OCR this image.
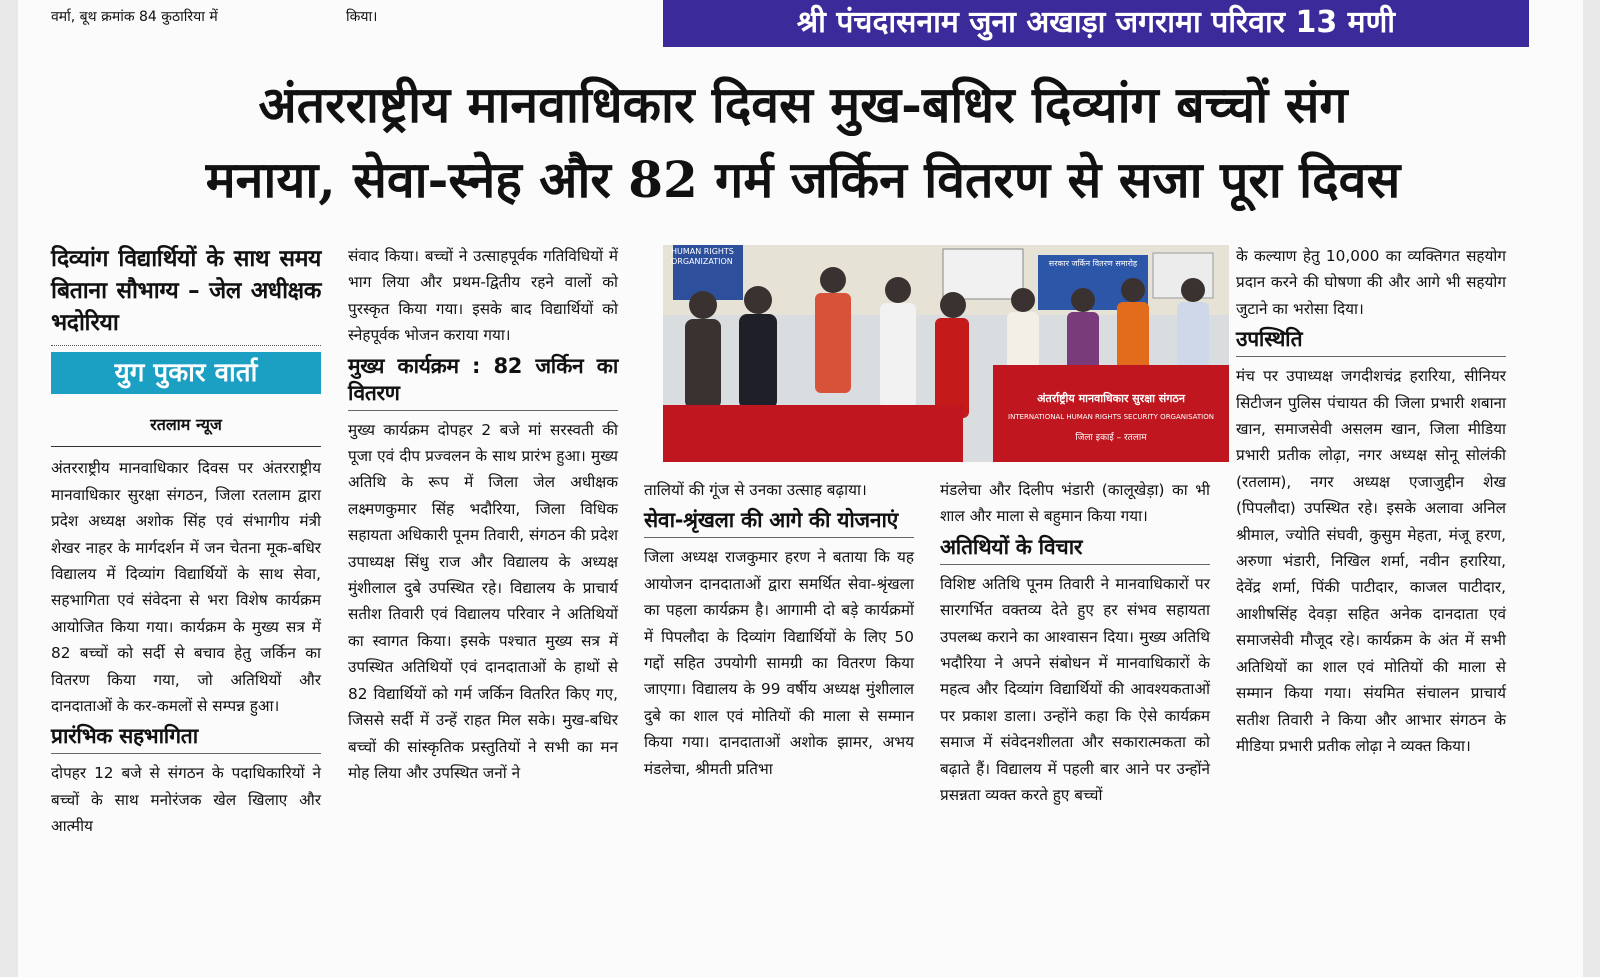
वर्मा, बूथ क्रमांक 84 कुठारिया में	किया।	श्री पंचदासनाम जुना अखाड़ा जगरामा परिवार 13 मणी
अंतरराष्ट्रीय मानवाधिकार दिवस मुख-बधिर दिव्यांग बच्चों संग
मनाया, सेवा-स्नेह और 82 गर्म जर्किन वितरण से सजा पूरा दिवस
दिव्यांग विद्यार्थियों के साथ समय बिताना सौभाग्य – जेल अधीक्षक भदोरिया
युग पुकार वार्ता
रतलाम न्यूज

अंतरराष्ट्रीय मानवाधिकार दिवस पर अंतरराष्ट्रीय मानवाधिकार सुरक्षा संगठन, जिला रतलाम द्वारा प्रदेश अध्यक्ष अशोक सिंह एवं संभागीय मंत्री शेखर नाहर के मार्गदर्शन में जन चेतना मूक-बधिर विद्यालय में दिव्यांग विद्यार्थियों के साथ सेवा, सहभागिता एवं संवेदना से भरा विशेष कार्यक्रम आयोजित किया गया। कार्यक्रम के मुख्य सत्र में 82 बच्चों को सर्दी से बचाव हेतु जर्किन का वितरण किया गया, जो अतिथियों और दानदाताओं के कर-कमलों से सम्पन्न हुआ।

प्रारंभिक सहभागिता

दोपहर 12 बजे से संगठन के पदाधिकारियों ने बच्चों के साथ मनोरंजक खेल खिलाए और आत्मीय

संवाद किया। बच्चों ने उत्साहपूर्वक गतिविधियों में भाग लिया और प्रथम-द्वितीय रहने वालों को पुरस्कृत किया गया। इसके बाद विद्यार्थियों को स्नेहपूर्वक भोजन कराया गया।

मुख्य कार्यक्रम : 82 जर्किन का वितरण

मुख्य कार्यक्रम दोपहर 2 बजे मां सरस्वती की पूजा एवं दीप प्रज्वलन के साथ प्रारंभ हुआ। मुख्य अतिथि के रूप में जिला जेल अधीक्षक लक्ष्मणकुमार सिंह भदौरिया, जिला विधिक सहायता अधिकारी पूनम तिवारी, संगठन की प्रदेश उपाध्यक्ष सिंधु राज और विद्यालय के अध्यक्ष मुंशीलाल दुबे उपस्थित रहे। विद्यालय के प्राचार्य सतीश तिवारी एवं विद्यालय परिवार ने अतिथियों का स्वागत किया। इसके पश्चात मुख्य सत्र में उपस्थित अतिथियों एवं दानदाताओं के हाथों से 82 विद्यार्थियों को गर्म जर्किन वितरित किए गए, जिससे सर्दी में उन्हें राहत मिल सके। मुख-बधिर बच्चों की सांस्कृतिक प्रस्तुतियों ने सभी का मन मोह लिया और उपस्थित जनों ने

HUMAN RIGHTS ORGANIZATION	सरकार जर्किन वितरण समारोह
अंतर्राष्ट्रीय मानवाधिकार सुरक्षा संगठन
INTERNATIONAL HUMAN RIGHTS SECURITY ORGANISATION
जिला इकाई – रतलाम

तालियों की गूंज से उनका उत्साह बढ़ाया।

सेवा-श्रृंखला की आगे की योजनाएं

जिला अध्यक्ष राजकुमार हरण ने बताया कि यह आयोजन दानदाताओं द्वारा समर्थित सेवा-श्रृंखला का पहला कार्यक्रम है। आगामी दो बड़े कार्यक्रमों में पिपलौदा के दिव्यांग विद्यार्थियों के लिए 50 गद्दों सहित उपयोगी सामग्री का वितरण किया जाएगा। विद्यालय के 99 वर्षीय अध्यक्ष मुंशीलाल दुबे का शाल एवं मोतियों की माला से सम्मान किया गया। दानदाताओं अशोक झामर, अभय मंडलेचा, श्रीमती प्रतिभा

मंडलेचा और दिलीप भंडारी (कालूखेड़ा) का भी शाल और माला से बहुमान किया गया।

अतिथियों के विचार

विशिष्ट अतिथि पूनम तिवारी ने मानवाधिकारों पर सारगर्भित वक्तव्य देते हुए हर संभव सहायता उपलब्ध कराने का आश्वासन दिया। मुख्य अतिथि भदौरिया ने अपने संबोधन में मानवाधिकारों के महत्व और दिव्यांग विद्यार्थियों की आवश्यकताओं पर प्रकाश डाला। उन्होंने कहा कि ऐसे कार्यक्रम समाज में संवेदनशीलता और सकारात्मकता को बढ़ाते हैं। विद्यालय में पहली बार आने पर उन्होंने प्रसन्नता व्यक्त करते हुए बच्चों

के कल्याण हेतु 10,000 का व्यक्तिगत सहयोग प्रदान करने की घोषणा की और आगे भी सहयोग जुटाने का भरोसा दिया।

उपस्थिति

मंच पर उपाध्यक्ष जगदीशचंद्र हरारिया, सीनियर सिटीजन पुलिस पंचायत की जिला प्रभारी शबाना खान, समाजसेवी असलम खान, जिला मीडिया प्रभारी प्रतीक लोढ़ा, नगर अध्यक्ष सोनू सोलंकी (रतलाम), नगर अध्यक्ष एजाजुद्दीन शेख (पिपलौदा) उपस्थित रहे। इसके अलावा अनिल श्रीमाल, ज्योति संघवी, कुसुम मेहता, मंजू हरण, अरुणा भंडारी, निखिल शर्मा, नवीन हरारिया, देवेंद्र शर्मा, पिंकी पाटीदार, काजल पाटीदार, आशीषसिंह देवड़ा सहित अनेक दानदाता एवं समाजसेवी मौजूद रहे। कार्यक्रम के अंत में सभी अतिथियों का शाल एवं मोतियों की माला से सम्मान किया गया। संयमित संचालन प्राचार्य सतीश तिवारी ने किया और आभार संगठन के मीडिया प्रभारी प्रतीक लोढ़ा ने व्यक्त किया।
